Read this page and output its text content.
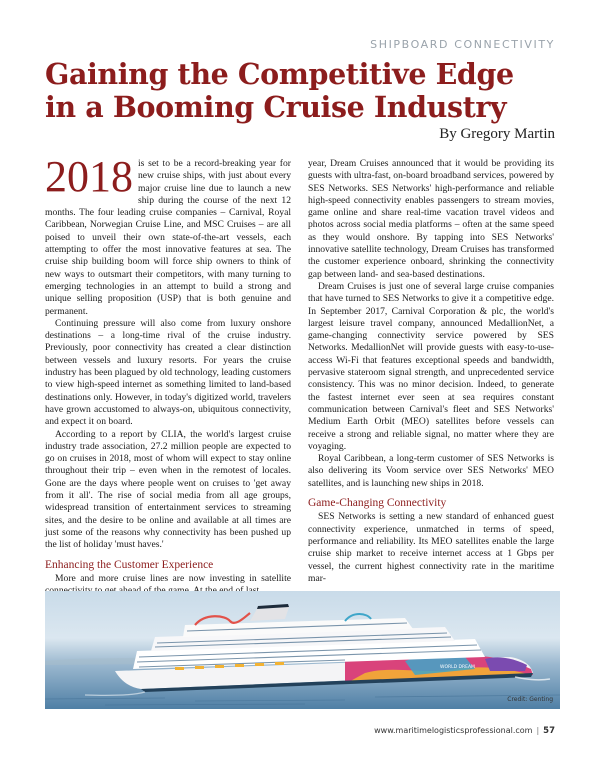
SHIPBOARD CONNECTIVITY
Gaining the Competitive Edge
in a Booming Cruise Industry
By Gregory Martin

2018 is set to be a record-breaking year for new cruise ships, with just about every major cruise line due to launch a new ship during the course of the next 12 months. The four leading cruise companies – Carnival, Royal Caribbean, Norwegian Cruise Line, and MSC Cruises – are all poised to unveil their own state-of-the-art vessels, each attempting to offer the most innovative features at sea. The cruise ship building boom will force ship owners to think of new ways to outsmart their competitors, with many turning to emerging technologies in an attempt to build a strong and unique selling proposition (USP) that is both genuine and permanent.

Continuing pressure will also come from luxury onshore destinations – a long-time rival of the cruise industry. Previously, poor connectivity has created a clear distinction between vessels and luxury resorts. For years the cruise industry has been plagued by old technology, leading customers to view high-speed internet as something limited to land-based destinations only. However, in today's digitized world, travelers have grown accustomed to always-on, ubiquitous connectivity, and expect it on board.

According to a report by CLIA, the world's largest cruise industry trade association, 27.2 million people are expected to go on cruises in 2018, most of whom will expect to stay online throughout their trip – even when in the remotest of locales. Gone are the days where people went on cruises to 'get away from it all'. The rise of social media from all age groups, widespread transition of entertainment services to streaming sites, and the desire to be online and available at all times are just some of the reasons why connectivity has been pushed up the list of holiday 'must haves.'

Enhancing the Customer Experience

More and more cruise lines are now investing in satellite

year, Dream Cruises announced that it would be providing its guests with ultra-fast, on-board broadband services, powered by SES Networks. SES Networks' high-performance and reliable high-speed connectivity enables passengers to stream movies, game online and share real-time vacation travel videos and photos across social media platforms – often at the same speed as they would onshore. By tapping into SES Networks' innovative satellite technology, Dream Cruises has transformed the customer experience onboard, shrinking the connectivity gap between land- and sea-based destinations.

Dream Cruises is just one of several large cruise companies that have turned to SES Networks to give it a competitive edge. In September 2017, Carnival Corporation & plc, the world's largest leisure travel company, announced MedallionNet, a game-changing connectivity service powered by SES Networks. MedallionNet will provide guests with easy-to-use-access Wi-Fi that features exceptional speeds and bandwidth, pervasive stateroom signal strength, and unprecedented service consistency. This was no minor decision. Indeed, to generate the fastest internet ever seen at sea requires constant communication between Carnival's fleet and SES Networks' Medium Earth Orbit (MEO) satellites before vessels can receive a strong and reliable signal, no matter where they are voyaging.

Royal Caribbean, a long-term customer of SES Networks is also delivering its Voom service over SES Networks' MEO satellites, and is launching new ships in 2018.

Game-Changing Connectivity

SES Networks is setting a new standard of enhanced guest connectivity experience, unmatched in terms of speed, performance and reliability. Its MEO satellites enable the large cruise ship market to receive internet access at 1 Gbps per vessel, the current highest connectivity rate in the maritime mar-

WORLD DREAM
Credit: Genting
www.maritimelogisticsprofessional.com | 57
